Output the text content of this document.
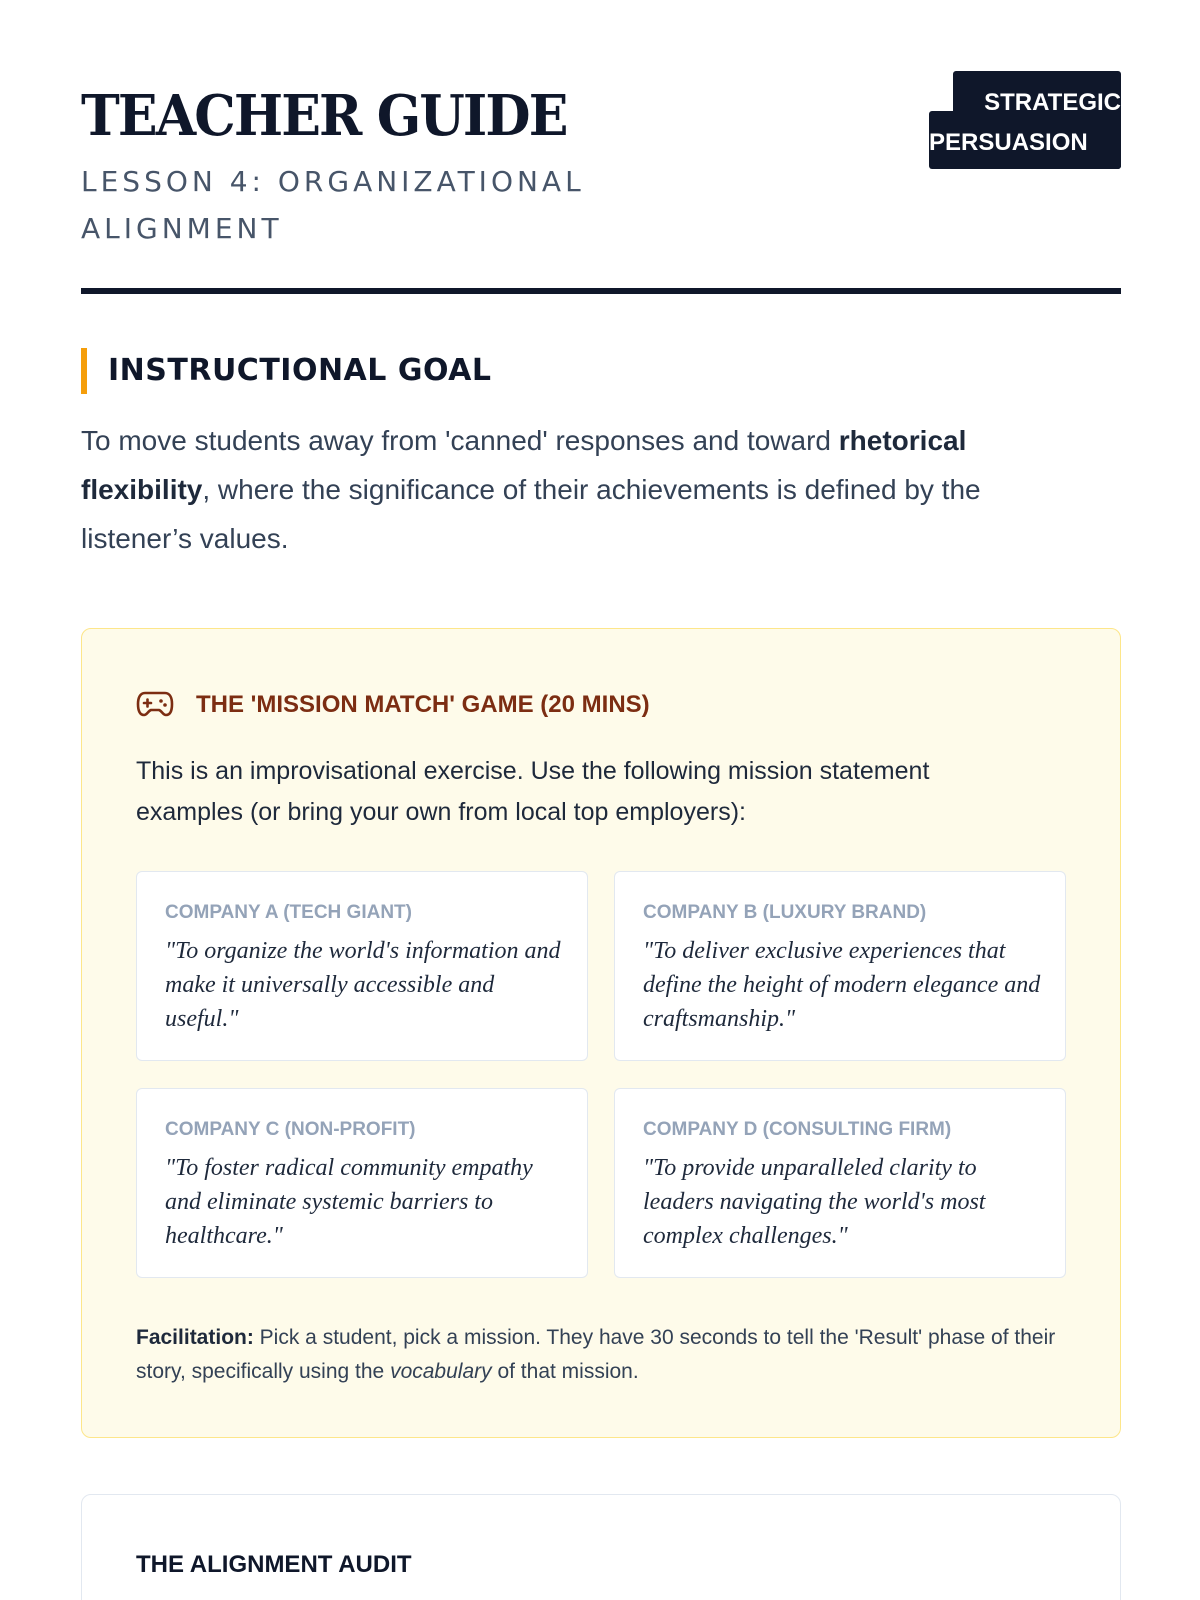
TEACHER GUIDE
LESSON 4: ORGANIZATIONAL ALIGNMENT
STRATEGIC
PERSUASION
INSTRUCTIONAL GOAL

To move students away from 'canned' responses and toward rhetorical flexibility, where the significance of their achievements is defined by the listener’s values.

THE 'MISSION MATCH' GAME (20 MINS)

This is an improvisational exercise. Use the following mission statement examples (or bring your own from local top employers):

COMPANY A (TECH GIANT)
"To organize the world's information and make it universally accessible and useful."
COMPANY B (LUXURY BRAND)
"To deliver exclusive experiences that define the height of modern elegance and craftsmanship."
COMPANY C (NON-PROFIT)
"To foster radical community empathy and eliminate systemic barriers to healthcare."
COMPANY D (CONSULTING FIRM)
"To provide unparalleled clarity to leaders navigating the world's most complex challenges."

Facilitation: Pick a student, pick a mission. They have 30 seconds to tell the 'Result' phase of their story, specifically using the vocabulary of that mission.

THE ALIGNMENT AUDIT
